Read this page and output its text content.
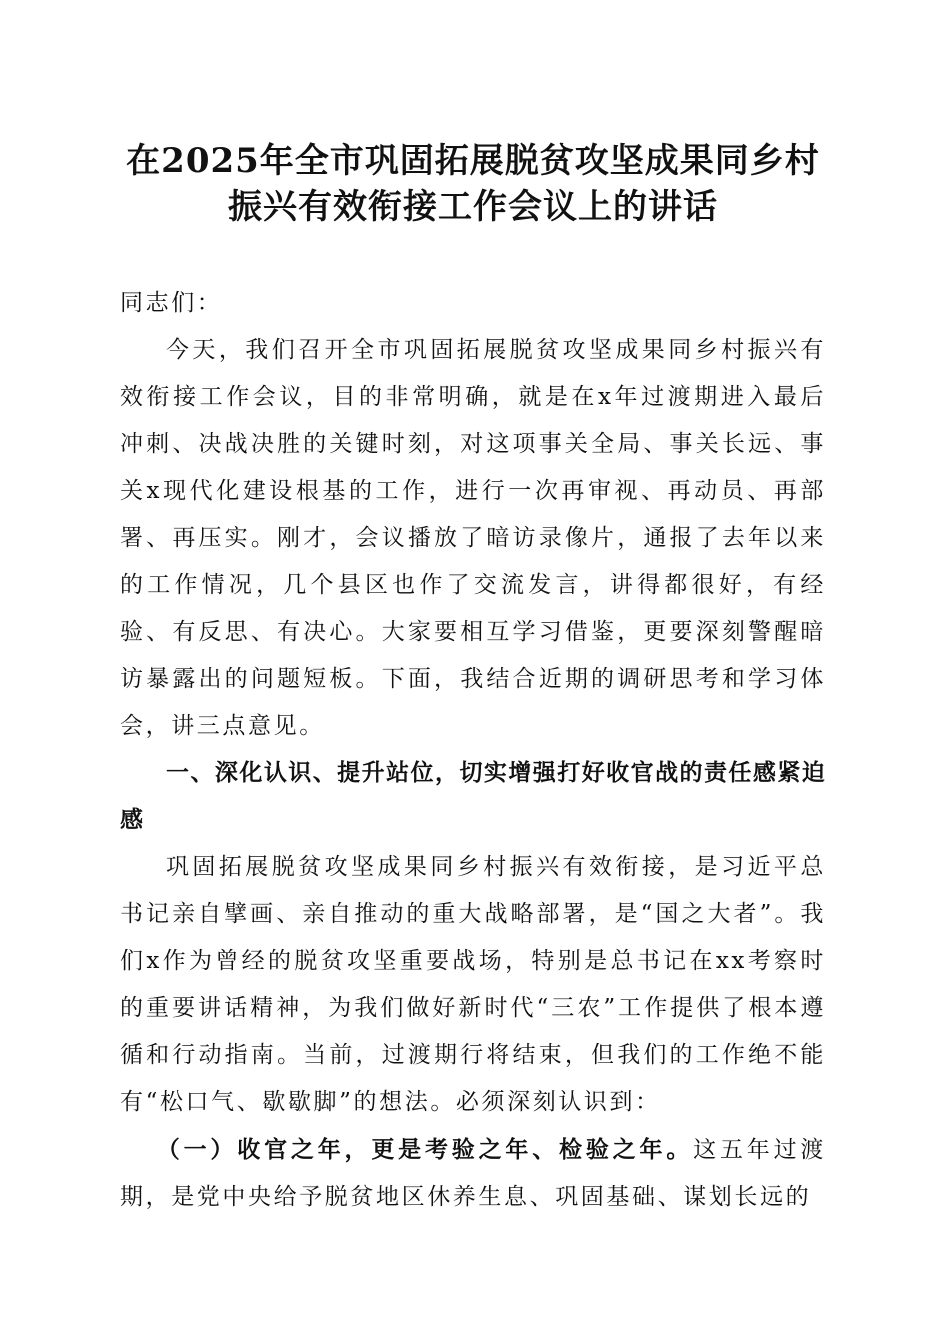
在2025年全市巩固拓展脱贫攻坚成果同乡村
振兴有效衔接工作会议上的讲话

同志们：

今天，我们召开全市巩固拓展脱贫攻坚成果同乡村振兴有效衔接工作会议，目的非常明确，就是在x年过渡期进入最后冲刺、决战决胜的关键时刻，对这项事关全局、事关长远、事关x现代化建设根基的工作，进行一次再审视、再动员、再部署、再压实。刚才，会议播放了暗访录像片，通报了去年以来的工作情况，几个县区也作了交流发言，讲得都很好，有经验、有反思、有决心。大家要相互学习借鉴，更要深刻警醒暗访暴露出的问题短板。下面，我结合近期的调研思考和学习体会，讲三点意见。

一、深化认识、提升站位，切实增强打好收官战的责任感紧迫感

巩固拓展脱贫攻坚成果同乡村振兴有效衔接，是习近平总书记亲自擘画、亲自推动的重大战略部署，是“国之大者”。我们x作为曾经的脱贫攻坚重要战场，特别是总书记在xx考察时的重要讲话精神，为我们做好新时代“三农”工作提供了根本遵循和行动指南。当前，过渡期行将结束，但我们的工作绝不能有“松口气、歇歇脚”的想法。必须深刻认识到：

（一）收官之年，更是考验之年、检验之年。这五年过渡期，是党中央给予脱贫地区休养生息、巩固基础、谋划长远的
